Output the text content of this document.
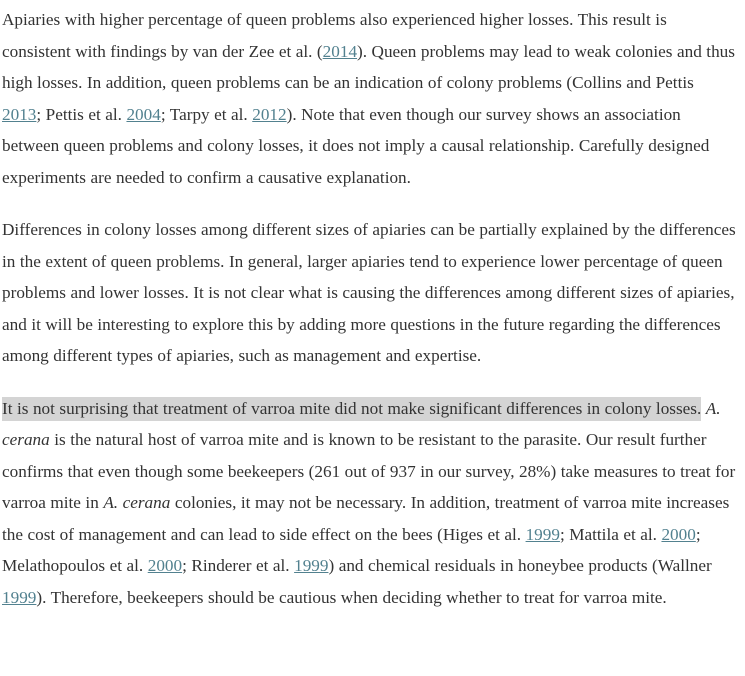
Apiaries with higher percentage of queen problems also experienced higher losses. This result is consistent with findings by van der Zee et al. (2014). Queen problems may lead to weak colonies and thus high losses. In addition, queen problems can be an indication of colony problems (Collins and Pettis 2013; Pettis et al. 2004; Tarpy et al. 2012). Note that even though our survey shows an association between queen problems and colony losses, it does not imply a causal relationship. Carefully designed experiments are needed to confirm a causative explanation.

Differences in colony losses among different sizes of apiaries can be partially explained by the differences in the extent of queen problems. In general, larger apiaries tend to experience lower percentage of queen problems and lower losses. It is not clear what is causing the differences among different sizes of apiaries, and it will be interesting to explore this by adding more questions in the future regarding the differences among different types of apiaries, such as management and expertise.

It is not surprising that treatment of varroa mite did not make significant differences in colony losses. A. cerana is the natural host of varroa mite and is known to be resistant to the parasite. Our result further confirms that even though some beekeepers (261 out of 937 in our survey, 28%) take measures to treat for varroa mite in A. cerana colonies, it may not be necessary. In addition, treatment of varroa mite increases the cost of management and can lead to side effect on the bees (Higes et al. 1999; Mattila et al. 2000; Melathopoulos et al. 2000; Rinderer et al. 1999) and chemical residuals in honeybee products (Wallner 1999). Therefore, beekeepers should be cautious when deciding whether to treat for varroa mite.
